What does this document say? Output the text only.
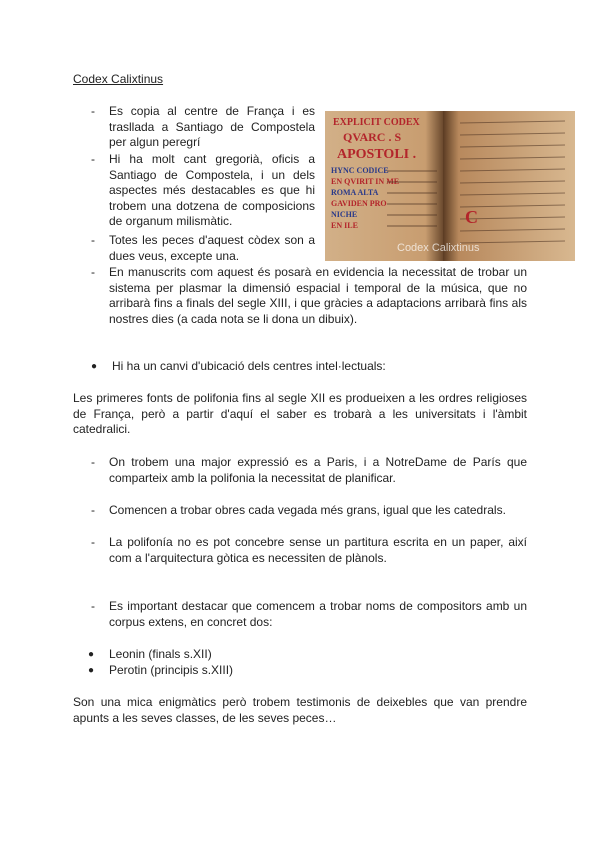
Codex Calixtinus
EXPLICIT CODEX
QVARC . S
APOSTOLI .
HYNC CODICE
EN QVIRIT IN ME
ROMA ALTA
GAVIDEN PRO
NICHE
EN ILE	C
Codex Calixtinus
- Es copia al centre de França i es trasllada a Santiago de Compostela per algun peregrí
- Hi ha molt cant gregorià, oficis a Santiago de Compostela, i un dels aspectes més destacables es que hi trobem una dotzena de composicions de organum milismàtic.
- Totes les peces d'aquest còdex son a dues veus, excepte una.
- En manuscrits com aquest és posarà en evidencia la necessitat de trobar un sistema per plasmar la dimensió espacial i temporal de la música, que no arribarà fins a finals del segle XIII, i que gràcies a adaptacions arribarà fins als nostres dies (a cada nota se li dona un dibuix).
● Hi ha un canvi d'ubicació dels centres intel·lectuals:
Les primeres fonts de polifonia fins al segle XII es produeixen a les ordres religioses de França, però a partir d'aquí el saber es trobarà a les universitats i l'àmbit catedralici.
- On trobem una major expressió es a Paris, i a NotreDame de París que comparteix amb la polifonia la necessitat de planificar.
- Comencen a trobar obres cada vegada més grans, igual que les catedrals.
- La polifonía no es pot concebre sense un partitura escrita en un paper, així com a l'arquitectura gòtica es necessiten de plànols.
- Es important destacar que comencem a trobar noms de compositors amb un corpus extens, en concret dos:
● Leonin (finals s.XII)
● Perotin (principis s.XIII)
Son una mica enigmàtics però trobem testimonis de deixebles que van prendre apunts a les seves classes, de les seves peces…
